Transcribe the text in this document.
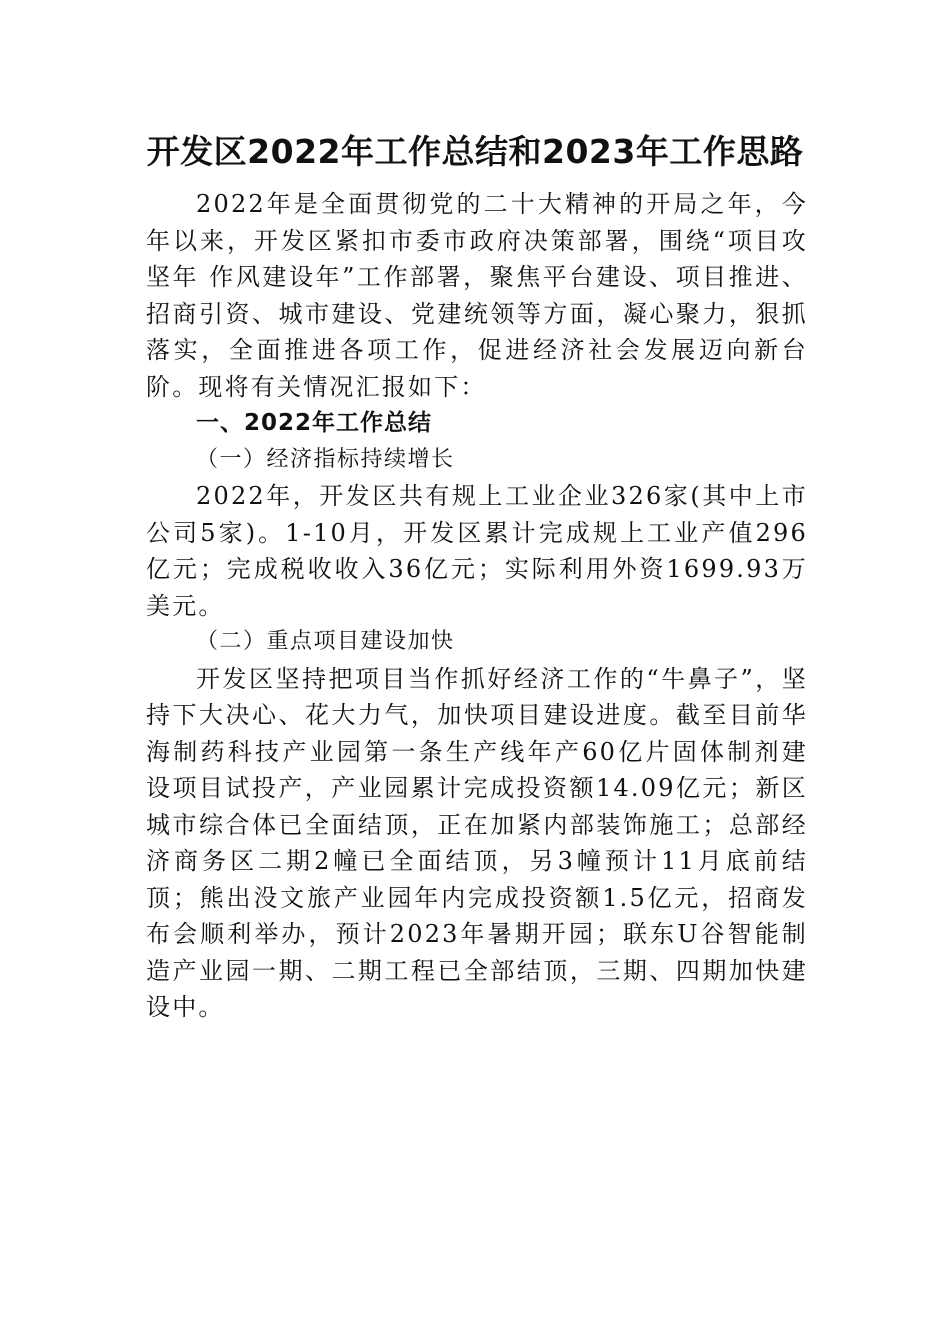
开发区2022年工作总结和2023年工作思路

2022年是全面贯彻党的二十大精神的开局之年，今年以来，开发区紧扣市委市政府决策部署，围绕“项目攻坚年 作风建设年”工作部署，聚焦平台建设、项目推进、招商引资、城市建设、党建统领等方面，凝心聚力，狠抓落实，全面推进各项工作，促进经济社会发展迈向新台阶。现将有关情况汇报如下：

一、2022年工作总结

（一）经济指标持续增长

2022年，开发区共有规上工业企业326家(其中上市公司5家)。1-10月，开发区累计完成规上工业产值296亿元；完成税收收入36亿元；实际利用外资1699.93万美元。

（二）重点项目建设加快

开发区坚持把项目当作抓好经济工作的“牛鼻子”，坚持下大决心、花大力气，加快项目建设进度。截至目前华海制药科技产业园第一条生产线年产60亿片固体制剂建设项目试投产，产业园累计完成投资额14.09亿元；新区城市综合体已全面结顶，正在加紧内部装饰施工；总部经济商务区二期2幢已全面结顶，另3幢预计11月底前结顶；熊出没文旅产业园年内完成投资额1.5亿元，招商发布会顺利举办，预计2023年暑期开园；联东U谷智能制造产业园一期、二期工程已全部结顶，三期、四期加快建设中。
